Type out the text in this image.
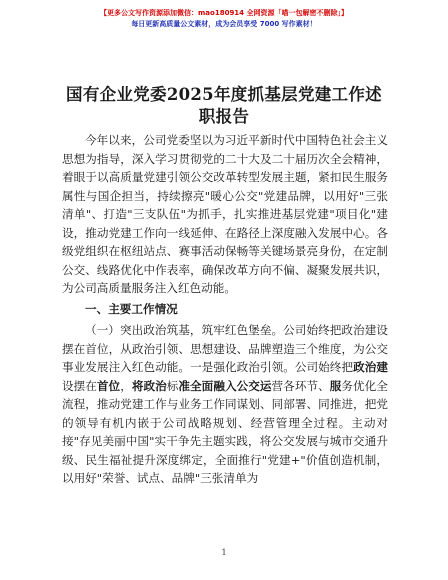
【更多公文写作资源添加微信：mao180914 全网资源「喵一包解密不删除」】
每日更新高质量公文素材，成为会员享受 7000 写作素材！
国有企业党委2025年度抓基层党建工作述职报告

今年以来，公司党委坚以为习近平新时代中国特色社会主义思想为指导，深入学习贯彻党的二十大及二十届历次全会精神，着眼于以高质量党建引领公交改革转型发展主题，紧扣民生服务属性与国企担当，持续擦亮"暖心公交"党建品牌，以用好"三张清单"、打造"三支队伍"为抓手，扎实推进基层党建"项目化"建设，推动党建工作向一线延伸、在路径上深度融入发展中心。各级党组织在枢纽站点、赛事活动保畅等关键场景亮身份，在定制公交、线路优化中作表率，确保改革方向不偏、凝聚发展共识，为公司高质量服务注入红色动能。

一、主要工作情况

（一）突出政治筑基，筑牢红色堡垒。公司始终把政治建设摆在首位，从政治引领、思想建设、品牌塑造三个维度，为公交事业发展注入红色动能。一是强化政治引领。公司始终把政治建设摆在首位，将政治标准全面融入公交运营各环节、服务优化全流程，推动党建工作与业务工作同谋划、同部署、同推进，把党的领导有机内嵌于公司战略规划、经营管理全过程。主动对接"存见美丽中国"实干争先主题实践，将公交发展与城市交通升级、民生福祉提升深度绑定，全面推行"党建+"价值创造机制，以用好"荣誉、试点、品牌"三张清单为

1
